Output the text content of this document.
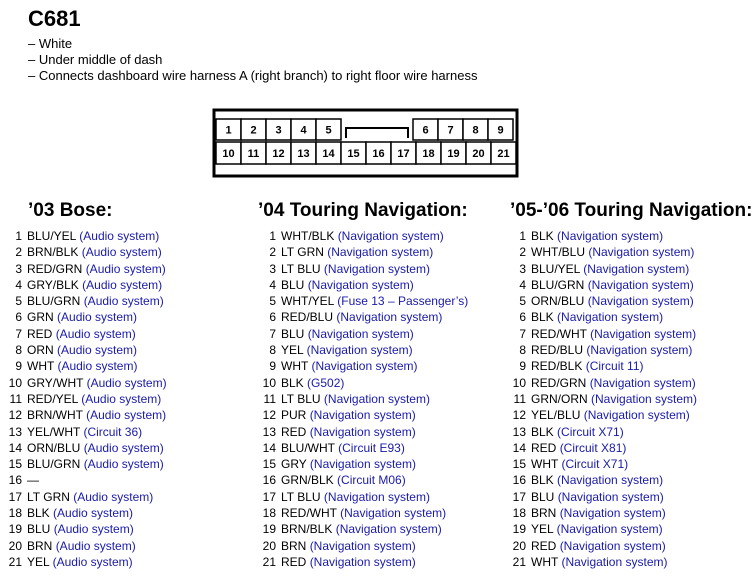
C681
– White
– Under middle of dash
– Connects dashboard wire harness A (right branch) to right floor wire harness
1 2 3 4 5	6 7 8 9
10 11 12 13 14 15 16 17 18 19 20 21
’03 Bose:	’04 Touring Navigation: ’05-’06 Touring Navigation:
1 BLU/YEL (Audio system)
2 BRN/BLK (Audio system)
3 RED/GRN (Audio system)
4 GRY/BLK (Audio system)
5 BLU/GRN (Audio system)
6 GRN (Audio system)
7 RED (Audio system)
8 ORN (Audio system)
9 WHT (Audio system)
10 GRY/WHT (Audio system)
11 RED/YEL (Audio system)
12 BRN/WHT (Audio system)
13 YEL/WHT (Circuit 36)
14 ORN/BLU (Audio system)
15 BLU/GRN (Audio system)
16 —
17 LT GRN (Audio system)
18 BLK (Audio system)
19 BLU (Audio system)
20 BRN (Audio system)
21 YEL (Audio system)
1 WHT/BLK (Navigation system)
2 LT GRN (Navigation system)
3 LT BLU (Navigation system)
4 BLU (Navigation system)
5 WHT/YEL (Fuse 13 – Passenger’s)
6 RED/BLU (Navigation system)
7 BLU (Navigation system)
8 YEL (Navigation system)
9 WHT (Navigation system)
10 BLK (G502)
11 LT BLU (Navigation system)
12 PUR (Navigation system)
13 RED (Navigation system)
14 BLU/WHT (Circuit E93)
15 GRY (Navigation system)
16 GRN/BLK (Circuit M06)
17 LT BLU (Navigation system)
18 RED/WHT (Navigation system)
19 BRN/BLK (Navigation system)
20 BRN (Navigation system)
21 RED (Navigation system)
1 BLK (Navigation system)
2 WHT/BLU (Navigation system)
3 BLU/YEL (Navigation system)
4 BLU/GRN (Navigation system)
5 ORN/BLU (Navigation system)
6 BLK (Navigation system)
7 RED/WHT (Navigation system)
8 RED/BLU (Navigation system)
9 RED/BLK (Circuit 11)
10 RED/GRN (Navigation system)
11 GRN/ORN (Navigation system)
12 YEL/BLU (Navigation system)
13 BLK (Circuit X71)
14 RED (Circuit X81)
15 WHT (Circuit X71)
16 BLK (Navigation system)
17 BLU (Navigation system)
18 BRN (Navigation system)
19 YEL (Navigation system)
20 RED (Navigation system)
21 WHT (Navigation system)
